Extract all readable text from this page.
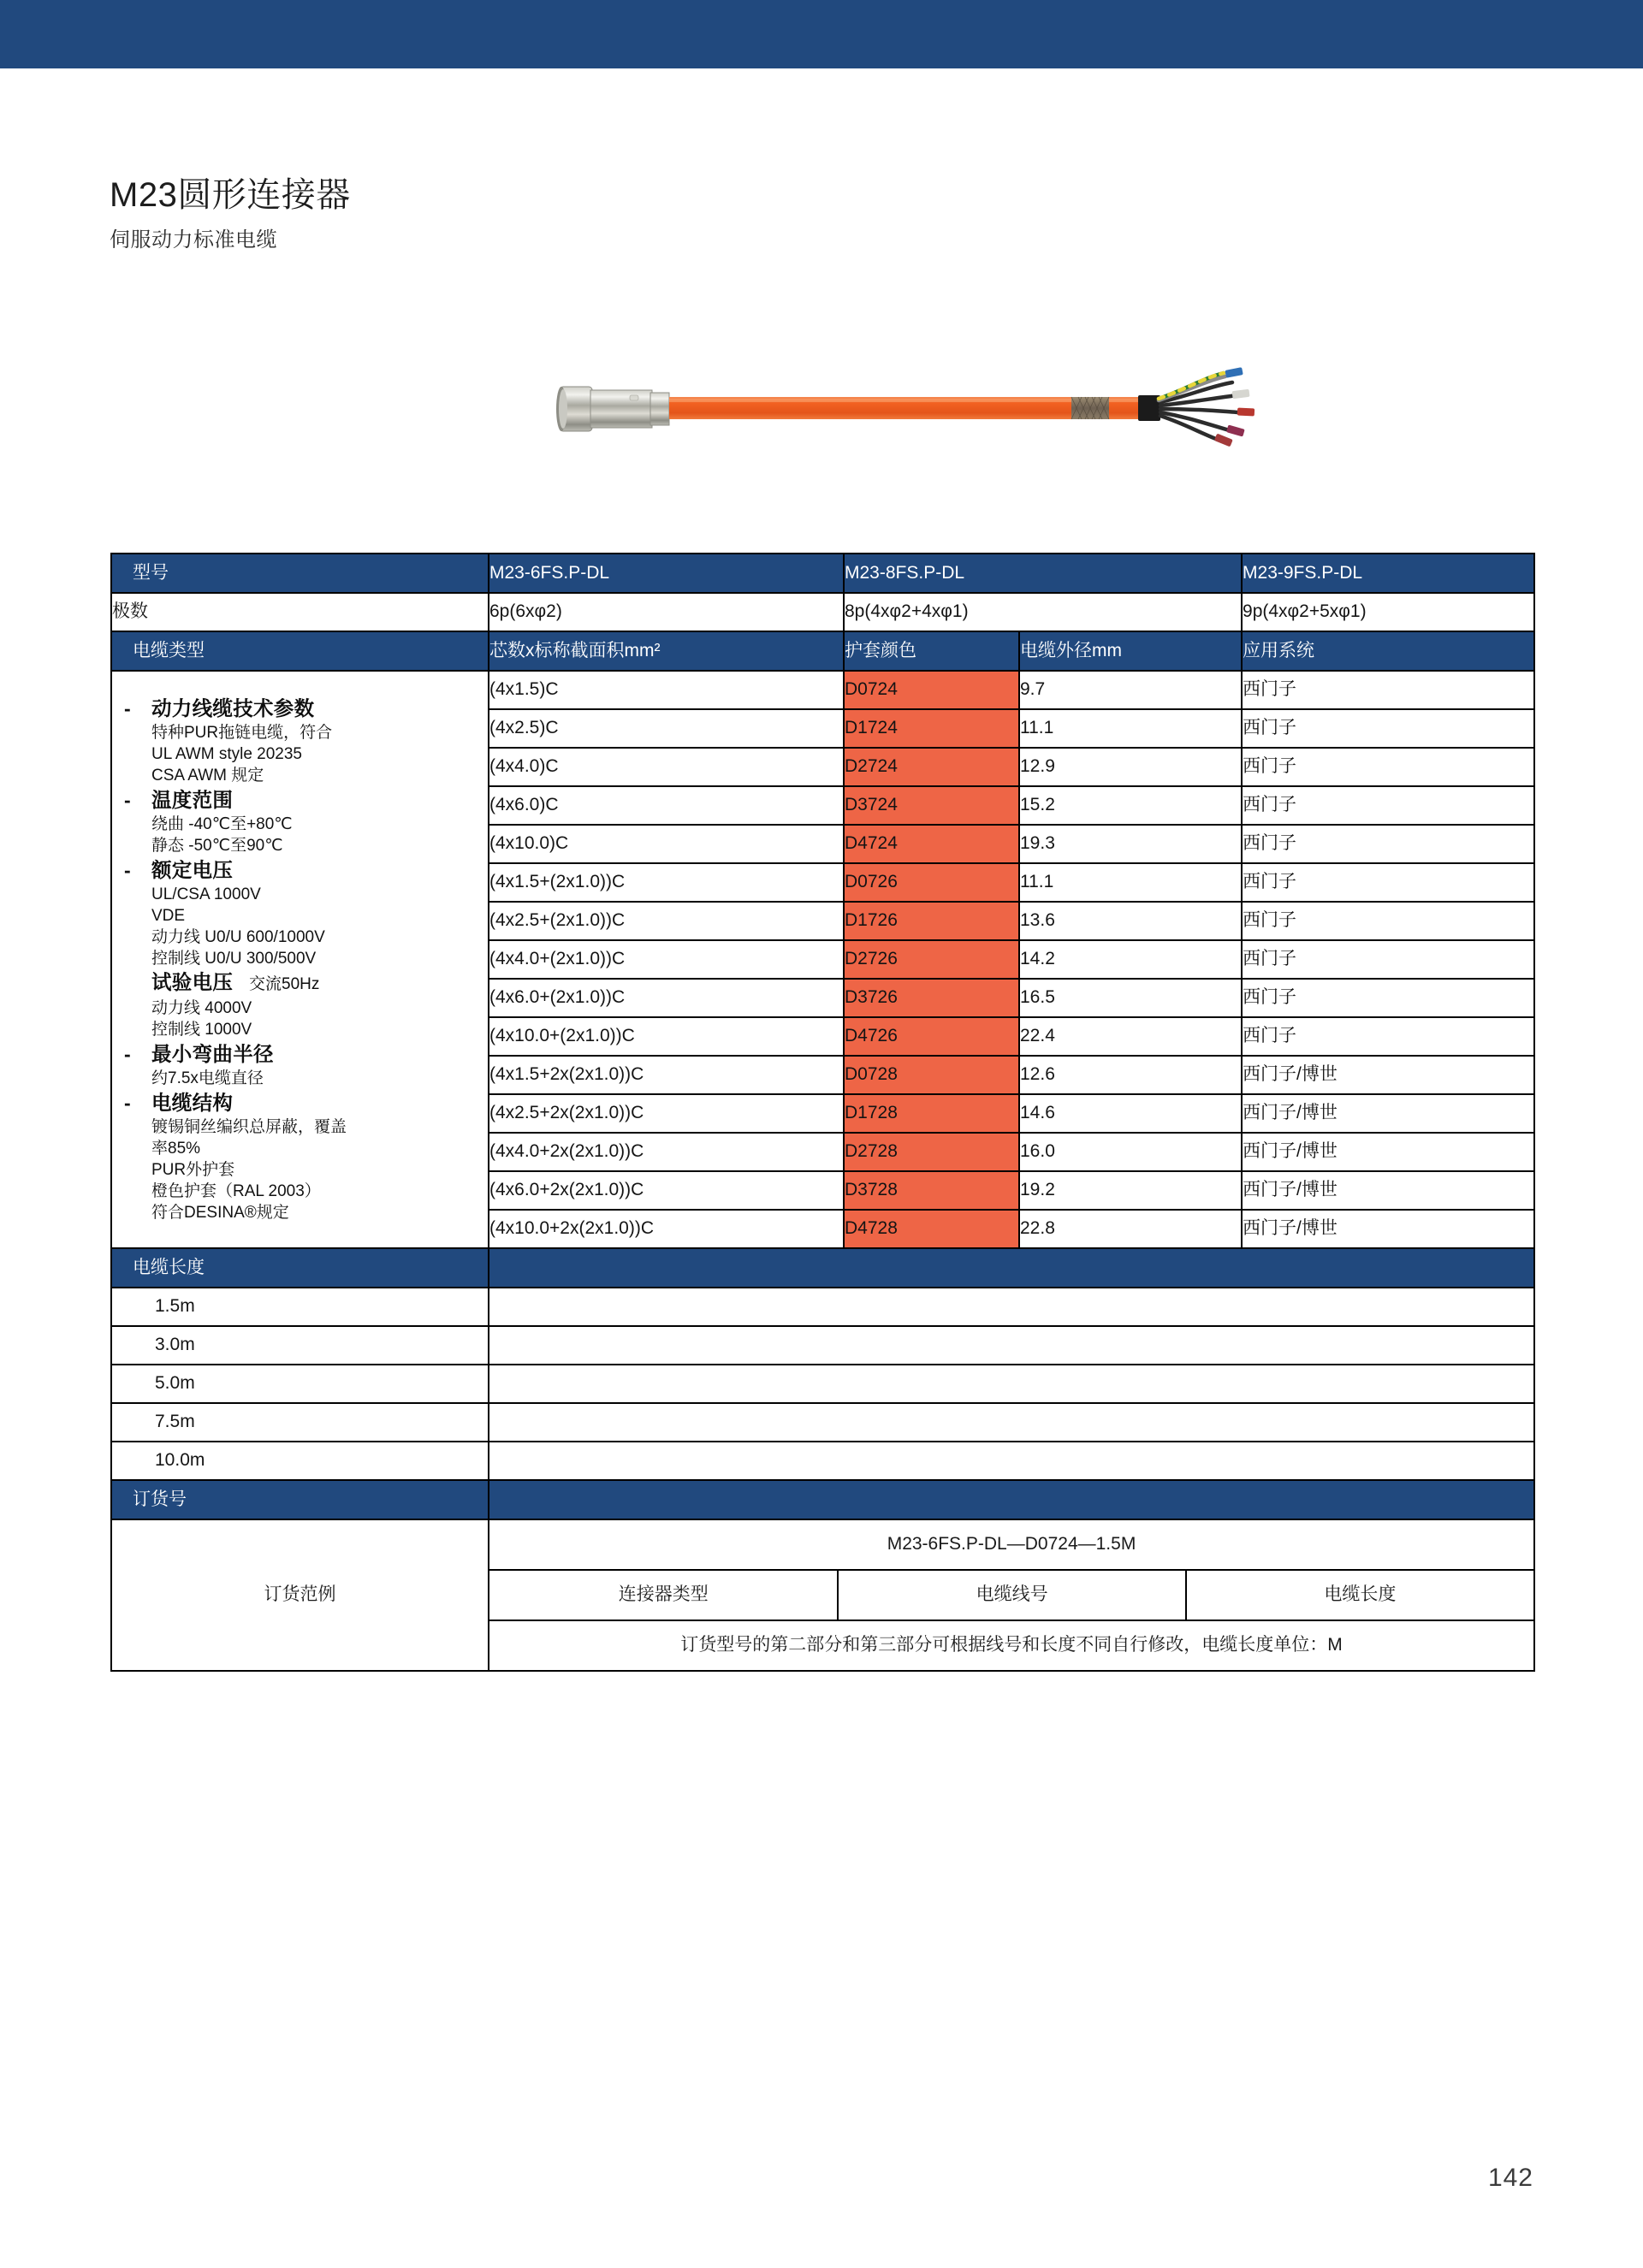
M23圆形连接器
伺服动力标准电缆
型号	M23-6FS.P-DL	M23-8FS.P-DL	M23-9FS.P-DL
极数	6p(6xφ2)	8p(4xφ2+4xφ1)	9p(4xφ2+5xφ1)
电缆类型	芯数x标称截面积mm²	护套颜色	电缆外径mm	应用系统

- 动力线缆技术参数
特种PUR拖链电缆，符合
UL AWM style 20235
CSA AWM 规定
- 温度范围
绕曲 -40℃至+80℃
静态 -50℃至90℃
- 额定电压
UL/CSA 1000V
VDE
动力线 U0/U 600/1000V
控制线 U0/U 300/500V
试验电压 交流50Hz
动力线 4000V
控制线 1000V
- 最小弯曲半径
约7.5x电缆直径
- 电缆结构
镀锡铜丝编织总屏蔽，覆盖
率85%
PUR外护套
橙色护套（RAL 2003）
符合DESINA®规定
	(4x1.5)C	D0724	9.7	西门子
(4x2.5)C	D1724	11.1	西门子
(4x4.0)C	D2724	12.9	西门子
(4x6.0)C	D3724	15.2	西门子
(4x10.0)C	D4724	19.3	西门子
(4x1.5+(2x1.0))C	D0726	11.1	西门子
(4x2.5+(2x1.0))C	D1726	13.6	西门子
(4x4.0+(2x1.0))C	D2726	14.2	西门子
(4x6.0+(2x1.0))C	D3726	16.5	西门子
(4x10.0+(2x1.0))C	D4726	22.4	西门子
(4x1.5+2x(2x1.0))C	D0728	12.6	西门子/博世
(4x2.5+2x(2x1.0))C	D1728	14.6	西门子/博世
(4x4.0+2x(2x1.0))C	D2728	16.0	西门子/博世
(4x6.0+2x(2x1.0))C	D3728	19.2	西门子/博世
(4x10.0+2x(2x1.0))C	D4728	22.8	西门子/博世
电缆长度	
1.5m	
3.0m	
5.0m	
7.5m	
10.0m	
订货号	
订货范例	
M23-6FS.P-DL—D0724—1.5M
连接器类型	电缆线号	电缆长度
订货型号的第二部分和第三部分可根据线号和长度不同自行修改，电缆长度单位：M
142
